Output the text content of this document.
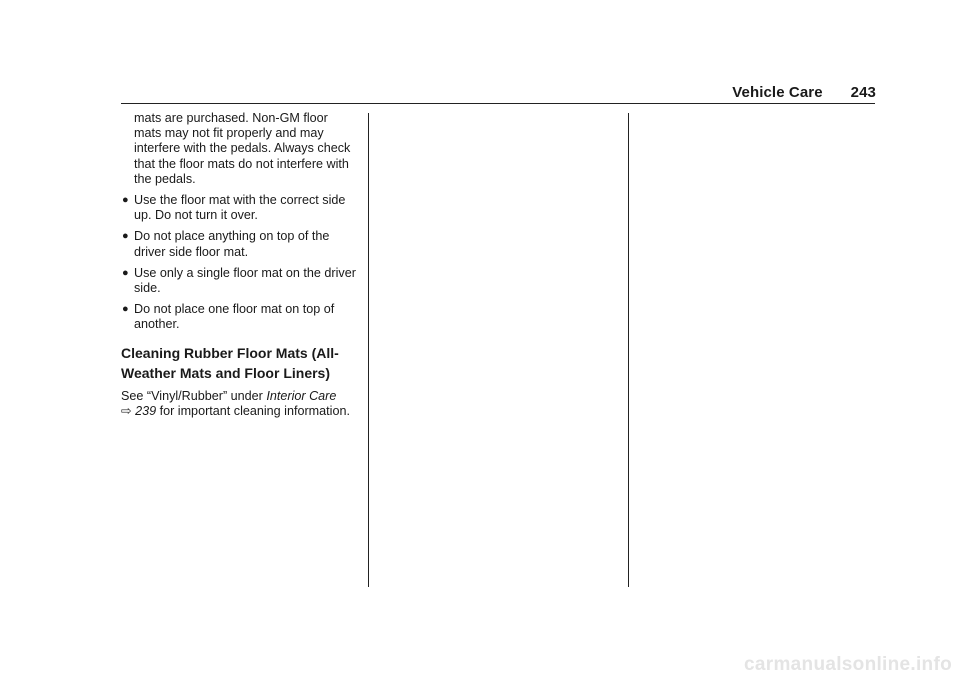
Vehicle Care 243

mats are purchased. Non-GM floor mats may not fit properly and may interfere with the pedals. Always check that the floor mats do not interfere with the pedals.

● Use the floor mat with the correct side up. Do not turn it over.
● Do not place anything on top of the driver side floor mat.
● Use only a single floor mat on the driver side.
● Do not place one floor mat on top of another.
Cleaning Rubber Floor Mats (All-Weather Mats and Floor Liners)

See “Vinyl/Rubber” under Interior Care
⇨ 239 for important cleaning information.

carmanualsonline.info
